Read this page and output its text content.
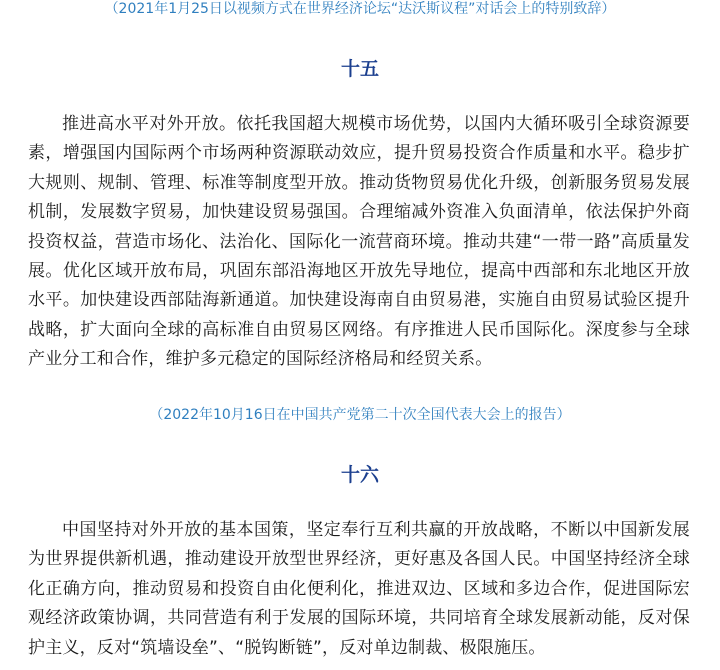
（2021年1月25日以视频方式在世界经济论坛“达沃斯议程”对话会上的特别致辞）
十五

推进高水平对外开放。依托我国超大规模市场优势，以国内大循环吸引全球资源要素，增强国内国际两个市场两种资源联动效应，提升贸易投资合作质量和水平。稳步扩大规则、规制、管理、标准等制度型开放。推动货物贸易优化升级，创新服务贸易发展机制，发展数字贸易，加快建设贸易强国。合理缩减外资准入负面清单，依法保护外商投资权益，营造市场化、法治化、国际化一流营商环境。推动共建“一带一路”高质量发展。优化区域开放布局，巩固东部沿海地区开放先导地位，提高中西部和东北地区开放水平。加快建设西部陆海新通道。加快建设海南自由贸易港，实施自由贸易试验区提升战略，扩大面向全球的高标准自由贸易区网络。有序推进人民币国际化。深度参与全球产业分工和合作，维护多元稳定的国际经济格局和经贸关系。

（2022年10月16日在中国共产党第二十次全国代表大会上的报告）
十六

中国坚持对外开放的基本国策，坚定奉行互利共赢的开放战略，不断以中国新发展为世界提供新机遇，推动建设开放型世界经济，更好惠及各国人民。中国坚持经济全球化正确方向，推动贸易和投资自由化便利化，推进双边、区域和多边合作，促进国际宏观经济政策协调，共同营造有利于发展的国际环境，共同培育全球发展新动能，反对保护主义，反对“筑墙设垒”、“脱钩断链”，反对单边制裁、极限施压。
